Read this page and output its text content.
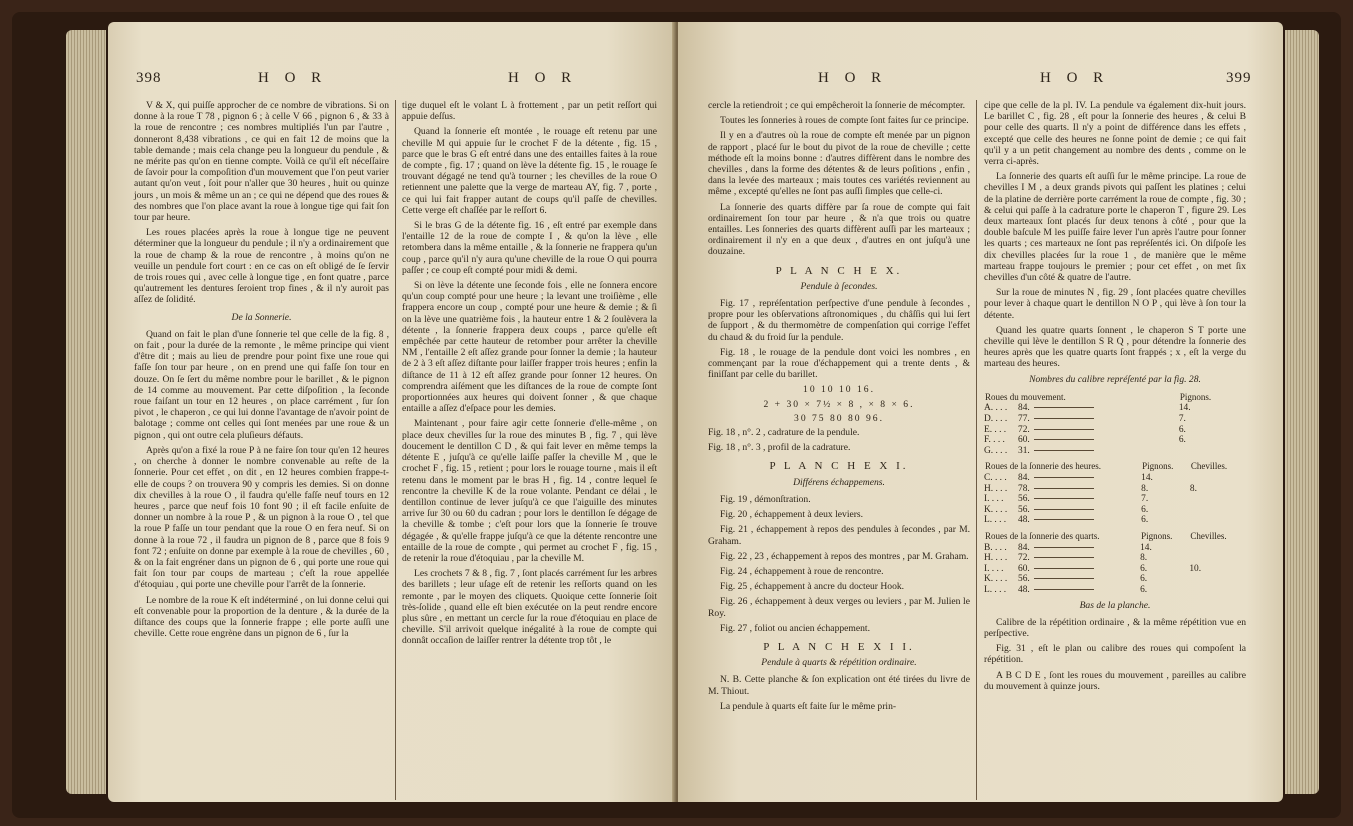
398	H O R	H O R

V & X, qui puiſſe approcher de ce nombre de vibrations. Si on donne à la roue T 78 , pignon 6 ; à celle V 66 , pignon 6 , & 33 à la roue de rencontre ; ces nombres multipliés l'un par l'autre , donneront 8,438 vibrations , ce qui en fait 12 de moins que la table demande ; mais cela change peu la longueur du pendule , & ne mérite pas qu'on en tienne compte. Voilà ce qu'il eſt néceſſaire de ſavoir pour la compoſition d'un mouvement que l'on peut varier autant qu'on veut , ſoit pour n'aller que 30 heures , huit ou quinze jours , un mois & même un an ; ce qui ne dépend que des roues & des nombres que l'on place avant la roue à longue tige qui fait ſon tour par heure.

Les roues placées après la roue à longue tige ne peuvent déterminer que la longueur du pendule ; il n'y a ordinairement que la roue de champ & la roue de rencontre , à moins qu'on ne veuille un pendule fort court : en ce cas on eſt obligé de ſe ſervir de trois roues qui , avec celle à longue tige , en font quatre , parce qu'autrement les dentures ſeroient trop fines , & il n'y auroit pas aſſez de ſolidité.

De la Sonnerie.

Quand on fait le plan d'une ſonnerie tel que celle de la fig. 8 , on fait , pour la durée de la remonte , le même principe qui vient d'être dit ; mais au lieu de prendre pour point fixe une roue qui faſſe ſon tour par heure , on en prend une qui faſſe ſon tour en douze. On ſe ſert du même nombre pour le barillet , & le pignon de 14 comme au mouvement. Par cette diſpoſition , la ſeconde roue faiſant un tour en 12 heures , on place carrément , ſur ſon pivot , le chaperon , ce qui lui donne l'avantage de n'avoir point de balotage ; comme ont celles qui ſont menées par une roue & un pignon , qui ont outre cela pluſieurs défauts.

Après qu'on a fixé la roue P à ne faire ſon tour qu'en 12 heures , on cherche à donner le nombre convenable au reſte de la ſonnerie. Pour cet effet , on dit , en 12 heures combien frappe-t-elle de coups ? on trouvera 90 y compris les demies. Si on donne dix chevilles à la roue O , il faudra qu'elle faſſe neuf tours en 12 heures , parce que neuf fois 10 font 90 ; il eſt facile enſuite de donner un nombre à la roue P , & un pignon à la roue O , tel que la roue P faſſe un tour pendant que la roue O en fera neuf. Si on donne à la roue 72 , il faudra un pignon de 8 , parce que 8 fois 9 font 72 ; enſuite on donne par exemple à la roue de chevilles , 60 , & on la fait engréner dans un pignon de 6 , qui porte une roue qui fait ſon tour par coups de marteau ; c'eſt la roue appellée d'étoquiau , qui porte une cheville pour l'arrêt de la ſonnerie.

Le nombre de la roue K eſt indéterminé , on lui donne celui qui eſt convenable pour la proportion de la denture , & la durée de la diſtance des coups que la ſonnerie frappe ; elle porte auſſi une cheville. Cette roue engrène dans un pignon de 6 , ſur la

tige duquel eſt le volant L à frottement , par un petit reſſort qui appuie deſſus.

Quand la ſonnerie eſt montée , le rouage eſt retenu par une cheville M qui appuie ſur le crochet F de la détente , fig. 15 , parce que le bras G eſt entré dans une des entailles faites à la roue de compte , fig. 17 ; quand on lève la détente fig. 15 , le rouage ſe trouvant dégagé ne tend qu'à tourner ; les chevilles de la roue O retiennent une palette que la verge de marteau AY, fig. 7 , porte , ce qui lui fait frapper autant de coups qu'il paſſe de chevilles. Cette verge eſt chaſſée par le reſſort 6.

Si le bras G de la détente fig. 16 , eſt entré par exemple dans l'entaille 12 de la roue de compte I , & qu'on la lève , elle retombera dans la même entaille , & la ſonnerie ne frappera qu'un coup , parce qu'il n'y aura qu'une cheville de la roue O qui pourra paſſer ; ce coup eſt compté pour midi & demi.

Si on lève la détente une ſeconde fois , elle ne ſonnera encore qu'un coup compté pour une heure ; la levant une troiſième , elle frappera encore un coup , compté pour une heure & demie ; & ſi on la lève une quatrième fois , la hauteur entre 1 & 2 ſoulèvera la détente , la ſonnerie frappera deux coups , parce qu'elle eſt empêchée par cette hauteur de retomber pour arrêter la cheville NM , l'entaille 2 eſt aſſez grande pour ſonner la demie ; la hauteur de 2 à 3 eſt aſſez diſtante pour laiſſer frapper trois heures ; enfin la diſtance de 11 à 12 eſt aſſez grande pour ſonner 12 heures. On comprendra aiſément que les diſtances de la roue de compte ſont proportionnées aux heures qui doivent ſonner , & que chaque entaille a aſſez d'eſpace pour les demies.

Maintenant , pour faire agir cette ſonnerie d'elle-même , on place deux chevilles ſur la roue des minutes B , fig. 7 , qui lève doucement le dentillon C D , & qui fait lever en même temps la détente E , juſqu'à ce qu'elle laiſſe paſſer la cheville M , que le crochet F , fig. 15 , retient ; pour lors le rouage tourne , mais il eſt retenu dans le moment par le bras H , fig. 14 , contre lequel ſe rencontre la cheville K de la roue volante. Pendant ce délai , le dentillon continue de lever juſqu'à ce que l'aiguille des minutes arrive ſur 30 ou 60 du cadran ; pour lors le dentillon ſe dégage de la cheville & tombe ; c'eſt pour lors que la ſonnerie ſe trouve dégagée , & qu'elle frappe juſqu'à ce que la détente rencontre une entaille de la roue de compte , qui permet au crochet F , fig. 15 , de retenir la roue d'étoquiau , par la cheville M.

Les crochets 7 & 8 , fig. 7 , ſont placés carrément ſur les arbres des barillets ; leur uſage eſt de retenir les reſſorts quand on les remonte , par le moyen des cliquets. Quoique cette ſonnerie ſoit très-ſolide , quand elle eſt bien exécutée on la peut rendre encore plus sûre , en mettant un cercle ſur la roue d'étoquiau en place de cheville. S'il arrivoit quelque inégalité à la roue de compte qui donnât occaſion de laiſſer rentrer la détente trop tôt , le

H O R	H O R	399

cercle la retiendroit ; ce qui empêcheroit la ſonnerie de mécompter.

Toutes les ſonneries à roues de compte ſont faites ſur ce principe.

Il y en a d'autres où la roue de compte eſt menée par un pignon de rapport , placé ſur le bout du pivot de la roue de cheville ; cette méthode eſt la moins bonne : d'autres diffèrent dans le nombre des chevilles , dans la forme des détentes & de leurs poſitions , enfin , dans la levée des marteaux ; mais toutes ces variétés reviennent au même , excepté qu'elles ne ſont pas auſſi ſimples que celle-ci.

La ſonnerie des quarts diffère par ſa roue de compte qui fait ordinairement ſon tour par heure , & n'a que trois ou quatre entailles. Les ſonneries des quarts diffèrent auſſi par les marteaux ; ordinairement il n'y en a que deux , d'autres en ont juſqu'à une douzaine.

P L A N C H E X.

Pendule à ſecondes.

Fig. 17 , repréſentation perſpective d'une pendule à ſecondes , propre pour les obſervations aſtronomiques , du châſſis qui lui ſert de ſupport , & du thermomètre de compenſation qui corrige l'effet du chaud & du froid ſur la pendule.

Fig. 18 , le rouage de la pendule dont voici les nombres , en commençant par la roue d'échappement qui a trente dents , & finiſſant par celle du barillet.

10 10 10 16.

2 + 30 × 7½ × 8 , × 8 × 6.

30 75 80 80 96.

Fig. 18 , n°. 2 , cadrature de la pendule.

Fig. 18 , n°. 3 , profil de la cadrature.

P L A N C H E X I.

Différens échappemens.

Fig. 19 , démonſtration.

Fig. 20 , échappement à deux leviers.

Fig. 21 , échappement à repos des pendules à ſecondes , par M. Graham.

Fig. 22 , 23 , échappement à repos des montres , par M. Graham.

Fig. 24 , échappement à roue de rencontre.

Fig. 25 , échappement à ancre du docteur Hook.

Fig. 26 , échappement à deux verges ou leviers , par M. Julien le Roy.

Fig. 27 , foliot ou ancien échappement.

P L A N C H E X I I.

Pendule à quarts & répétition ordinaire.

N. B. Cette planche & ſon explication ont été tirées du livre de M. Thiout.

La pendule à quarts eſt faite ſur le même prin-

cipe que celle de la pl. IV. La pendule va également dix-huit jours. Le barillet C , fig. 28 , eſt pour la ſonnerie des heures , & celui B pour celle des quarts. Il n'y a point de différence dans les effets , excepté que celle des heures ne ſonne point de demie ; ce qui fait qu'il y a un petit changement au nombre des dents , comme on le verra ci-après.

La ſonnerie des quarts eſt auſſi ſur le même principe. La roue de chevilles I M , a deux grands pivots qui paſſent les platines ; celui de la platine de derrière porte carrément la roue de compte , fig. 30 ; & celui qui paſſe à la cadrature porte le chaperon T , figure 29. Les deux marteaux ſont placés ſur deux tenons à côté , pour que la double baſcule M les puiſſe faire lever l'un après l'autre pour ſonner les quarts ; ces marteaux ne ſont pas repréſentés ici. On diſpoſe les dix chevilles placées ſur la roue 1 , de manière que le même marteau frappe toujours le premier ; pour cet effet , on met ſix chevilles d'un côté & quatre de l'autre.

Sur la roue de minutes N , fig. 29 , ſont placées quatre chevilles pour lever à chaque quart le dentillon N O P , qui lève à ſon tour la détente.

Quand les quatre quarts ſonnent , le chaperon S T porte une cheville qui lève le dentillon S R Q , pour détendre la ſonnerie des heures après que les quatre quarts ſont frappés ; x , eſt la verge du marteau des heures.

Nombres du calibre repréſenté par la fig. 28.

Roues du mouvement.		Pignons.
A. . . .	84.	14.
D. . . .	77.	7.
E. . . .	72.	6.
F. . . .	60.	6.
G. . . .	31.	
Roues de la ſonnerie des heures.		Pignons.	Chevilles.
C. . . .	84.	14.	
H. . . .	78.	8.	8.
I. . . .	56.	7.	
K. . . .	56.	6.	
L. . . .	48.	6.	
Roues de la ſonnerie des quarts.		Pignons.	Chevilles.
B. . . .	84.	14.	
H. . . .	72.	8.	
I. . . .	60.	6.	10.
K. . . .	56.	6.	
L. . . .	48.	6.	

Bas de la planche.

Calibre de la répétition ordinaire , & la même répétition vue en perſpective.

Fig. 31 , eſt le plan ou calibre des roues qui compoſent la répétition.

A B C D E , ſont les roues du mouvement , pareilles au calibre du mouvement à quinze jours.
